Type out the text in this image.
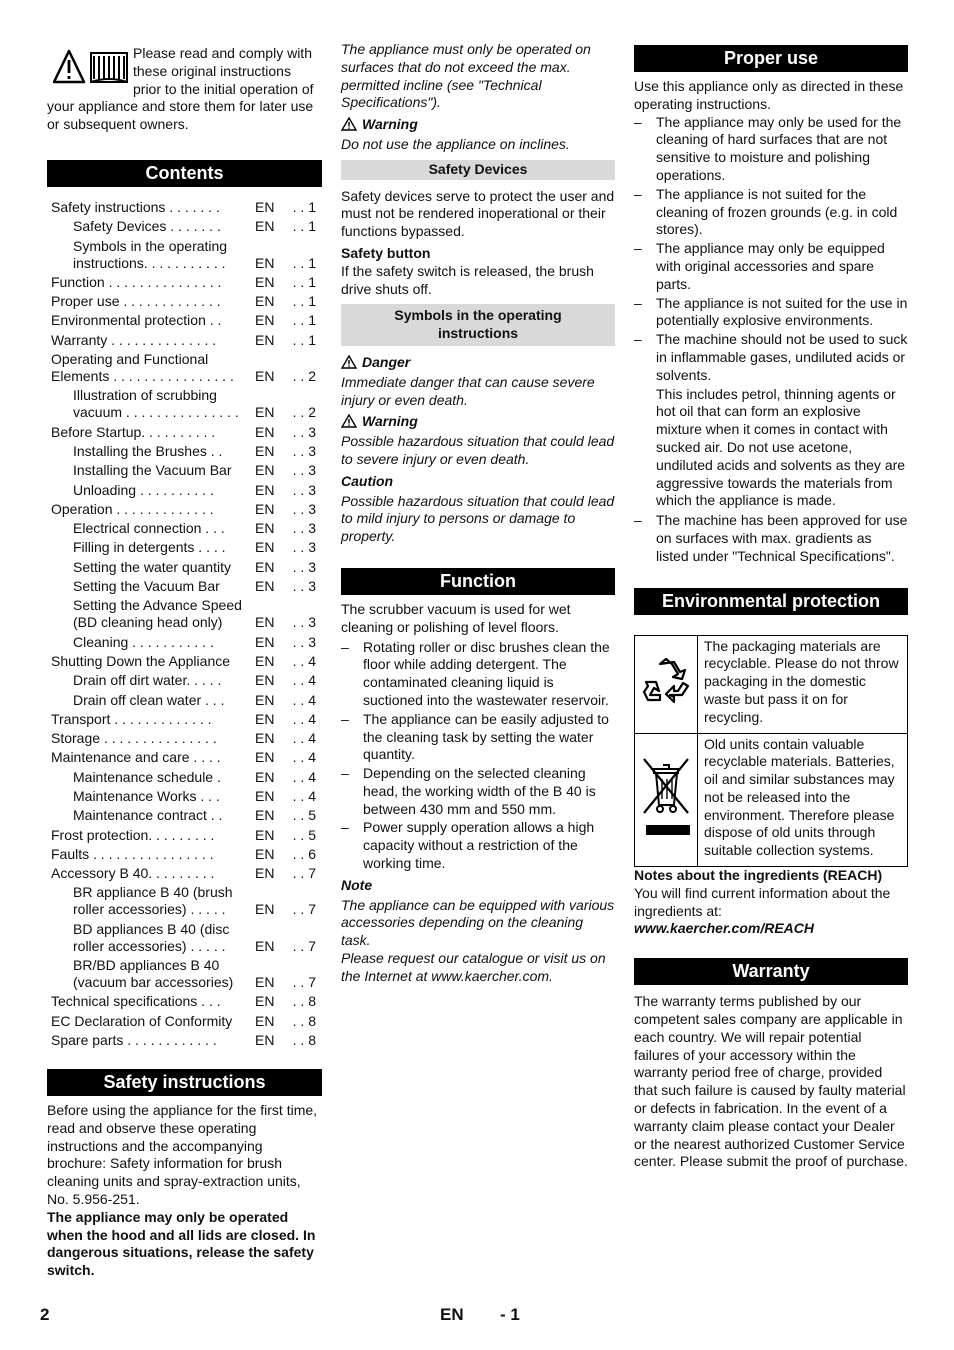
Please read and comply with these original instructions prior to the initial operation of your appliance and store them for later use or subsequent owners.

Contents
Safety instructions . . . . . . .	EN	. . 1
Safety Devices . . . . . . .	EN	. . 1
Symbols in the operating instructions. . . . . . . . . . .	EN	. . 1
Function . . . . . . . . . . . . . . .	EN	. . 1
Proper use . . . . . . . . . . . . .	EN	. . 1
Environmental protection . .	EN	. . 1
Warranty . . . . . . . . . . . . . .	EN	. . 1
Operating and Functional Elements . . . . . . . . . . . . . . . .	EN	. . 2
Illustration of scrubbing vacuum . . . . . . . . . . . . . . .	EN	. . 2
Before Startup. . . . . . . . . .	EN	. . 3
Installing the Brushes . .	EN	. . 3
Installing the Vacuum Bar	EN	. . 3
Unloading . . . . . . . . . .	EN	. . 3
Operation . . . . . . . . . . . . .	EN	. . 3
Electrical connection . . .	EN	. . 3
Filling in detergents . . . .	EN	. . 3
Setting the water quantity	EN	. . 3
Setting the Vacuum Bar	EN	. . 3
Setting the Advance Speed (BD cleaning head only)	EN	. . 3
Cleaning . . . . . . . . . . .	EN	. . 3
Shutting Down the Appliance	EN	. . 4
Drain off dirt water. . . . .	EN	. . 4
Drain off clean water . . .	EN	. . 4
Transport . . . . . . . . . . . . .	EN	. . 4
Storage . . . . . . . . . . . . . . .	EN	. . 4
Maintenance and care . . . .	EN	. . 4
Maintenance schedule .	EN	. . 4
Maintenance Works . . .	EN	. . 4
Maintenance contract . .	EN	. . 5
Frost protection. . . . . . . . .	EN	. . 5
Faults . . . . . . . . . . . . . . . .	EN	. . 6
Accessory B 40. . . . . . . . .	EN	. . 7
BR appliance B 40 (brush roller accessories) . . . . .	EN	. . 7
BD appliances B 40 (disc roller accessories) . . . . .	EN	. . 7
BR/BD appliances B 40 (vacuum bar accessories)	EN	. . 7
Technical specifications . . .	EN	. . 8
EC Declaration of Conformity	EN	. . 8
Spare parts . . . . . . . . . . . .	EN	. . 8
Safety instructions

Before using the appliance for the first time, read and observe these operating instructions and the accompanying brochure: Safety information for brush cleaning units and spray-extraction units, No. 5.956-251.

The appliance may only be operated when the hood and all lids are closed. In dangerous situations, release the safety switch.

The appliance must only be operated on surfaces that do not exceed the max. permitted incline (see "Technical Specifications").

Warning

Do not use the appliance on inclines.

Safety Devices

Safety devices serve to protect the user and must not be rendered inoperational or their functions bypassed.

Safety button

If the safety switch is released, the brush drive shuts off.

Symbols in the operating instructions

Danger

Immediate danger that can cause severe injury or even death.

Warning

Possible hazardous situation that could lead to severe injury or even death.

Caution

Possible hazardous situation that could lead to mild injury to persons or damage to property.

Function

The scrubber vacuum is used for wet cleaning or polishing of level floors.

– Rotating roller or disc brushes clean the floor while adding detergent. The contaminated cleaning liquid is suctioned into the wastewater reservoir.
– The appliance can be easily adjusted to the cleaning task by setting the water quantity.
– Depending on the selected cleaning head, the working width of the B 40 is between 430 mm and 550 mm.
– Power supply operation allows a high capacity without a restriction of the working time.

Note

The appliance can be equipped with various accessories depending on the cleaning task.

Please request our catalogue or visit us on the Internet at www.kaercher.com.

Proper use

Use this appliance only as directed in these operating instructions.

– The appliance may only be used for the cleaning of hard surfaces that are not sensitive to moisture and polishing operations.
– The appliance is not suited for the cleaning of frozen grounds (e.g. in cold stores).
– The appliance may only be equipped with original accessories and spare parts.
– The appliance is not suited for the use in potentially explosive environments.
– The machine should not be used to suck in inflammable gases, undiluted acids or solvents.

This includes petrol, thinning agents or hot oil that can form an explosive mixture when it comes in contact with sucked air. Do not use acetone, undiluted acids and solvents as they are aggressive towards the materials from which the appliance is made.

– The machine has been approved for use on surfaces with max. gradients as listed under "Technical Specifications".
Environmental protection
	The packaging materials are recyclable. Please do not throw packaging in the domestic waste but pass it on for recycling.
	Old units contain valuable recyclable materials. Batteries, oil and similar substances may not be released into the environment. Therefore please dispose of old units through suitable collection systems.

Notes about the ingredients (REACH)

You will find current information about the ingredients at:

www.kaercher.com/REACH

Warranty

The warranty terms published by our competent sales company are applicable in each country. We will repair potential failures of your accessory within the warranty period free of charge, provided that such failure is caused by faulty material or defects in fabrication. In the event of a warranty claim please contact your Dealer or the nearest authorized Customer Service center. Please submit the proof of purchase.

2	EN - 1
